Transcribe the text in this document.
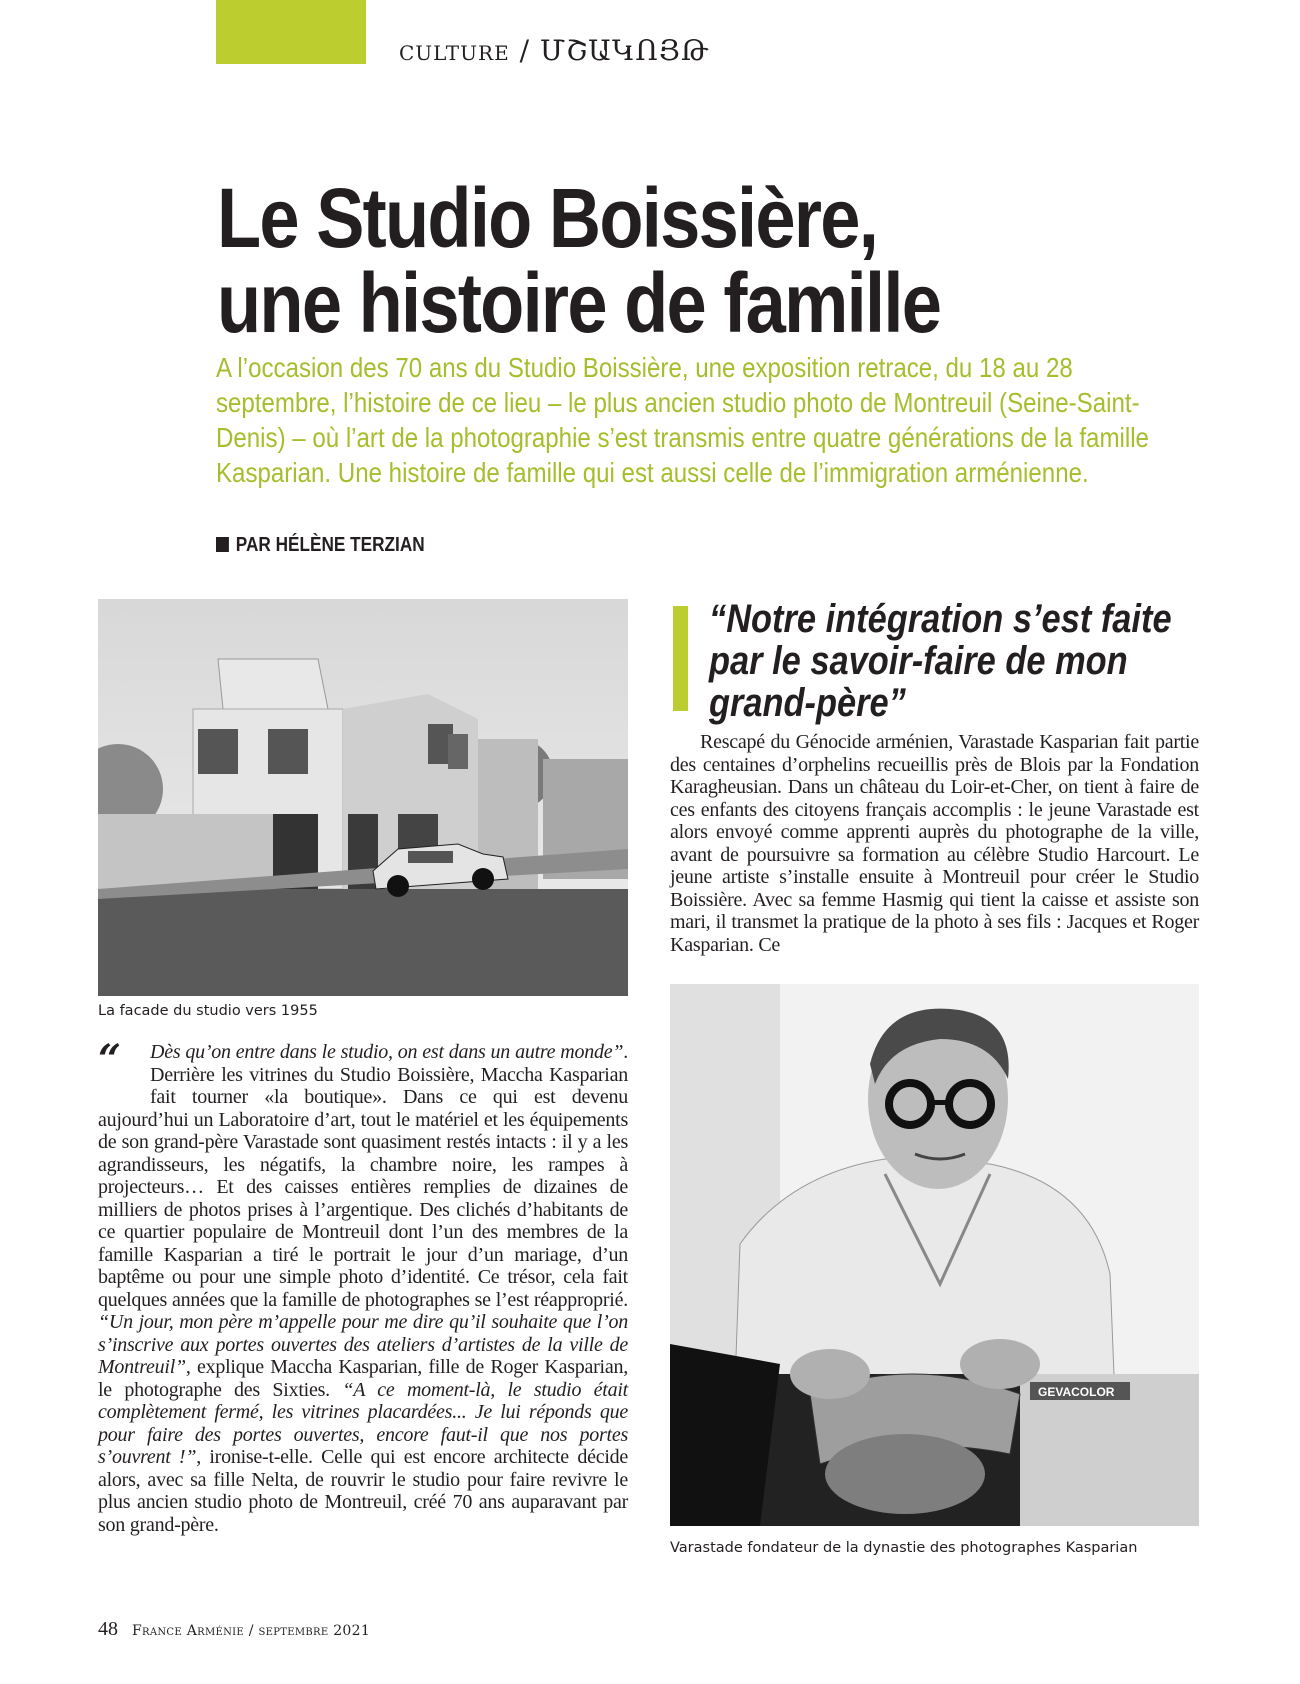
culture / ՄՇԱԿՈՅԹ
Le Studio Boissière,
une histoire de famille
A l’occasion des 70 ans du Studio Boissière, une exposition retrace, du 18 au 28 septembre, l’histoire de ce lieu – le plus ancien studio photo de Montreuil (Seine-Saint-Denis) – où l’art de la photographie s’est transmis entre quatre générations de la famille Kasparian. Une histoire de famille qui est aussi celle de l’immigration arménienne.
PAR HÉLÈNE TERZIAN
La facade du studio vers 1955
“	Dès qu’on entre dans le studio, on est dans un autre monde”. Derrière les vitrines du Studio Boissière, Maccha Kasparian fait tourner «la boutique». Dans ce qui est devenu aujourd’hui un Laboratoire d’art, tout le matériel et les équipements de son grand-père Varastade sont quasiment restés intacts : il y a les agrandisseurs, les négatifs, la chambre noire, les rampes à projecteurs… Et des caisses entières remplies de dizaines de milliers de photos prises à l’argentique. Des clichés d’habitants de ce quartier populaire de Montreuil dont l’un des membres de la famille Kasparian a tiré le portrait le jour d’un mariage, d’un baptême ou pour une simple photo d’identité. Ce trésor, cela fait quelques années que la famille de photographes se l’est réapproprié. “Un jour, mon père m’appelle pour me dire qu’il souhaite que l’on s’inscrive aux portes ouvertes des ateliers d’artistes de la ville de Montreuil”, explique Maccha Kasparian, fille de Roger Kasparian, le photographe des Sixties. “A ce moment-là, le studio était complètement fermé, les vitrines placardées... Je lui réponds que pour faire des portes ouvertes, encore faut-il que nos portes s’ouvrent !”, ironise-t-elle. Celle qui est encore architecte décide alors, avec sa fille Nelta, de rouvrir le studio pour faire revivre le plus ancien studio photo de Montreuil, créé 70 ans auparavant par son grand-père.
“Notre intégration s’est faite par le savoir-faire de mon grand-père”
Rescapé du Génocide arménien, Varastade Kasparian fait partie des centaines d’orphelins recueillis près de Blois par la Fondation Karagheusian. Dans un château du Loir-et-Cher, on tient à faire de ces enfants des citoyens français accomplis : le jeune Varastade est alors envoyé comme apprenti auprès du photographe de la ville, avant de poursuivre sa formation au célèbre Studio Harcourt. Le jeune artiste s’installe ensuite à Montreuil pour créer le Studio Boissière. Avec sa femme Hasmig qui tient la caisse et assiste son mari, il transmet la pratique de la photo à ses fils : Jacques et Roger Kasparian. Ce
GEVACOLOR
Varastade fondateur de la dynastie des photographes Kasparian
48 France Arménie / septembre 2021
